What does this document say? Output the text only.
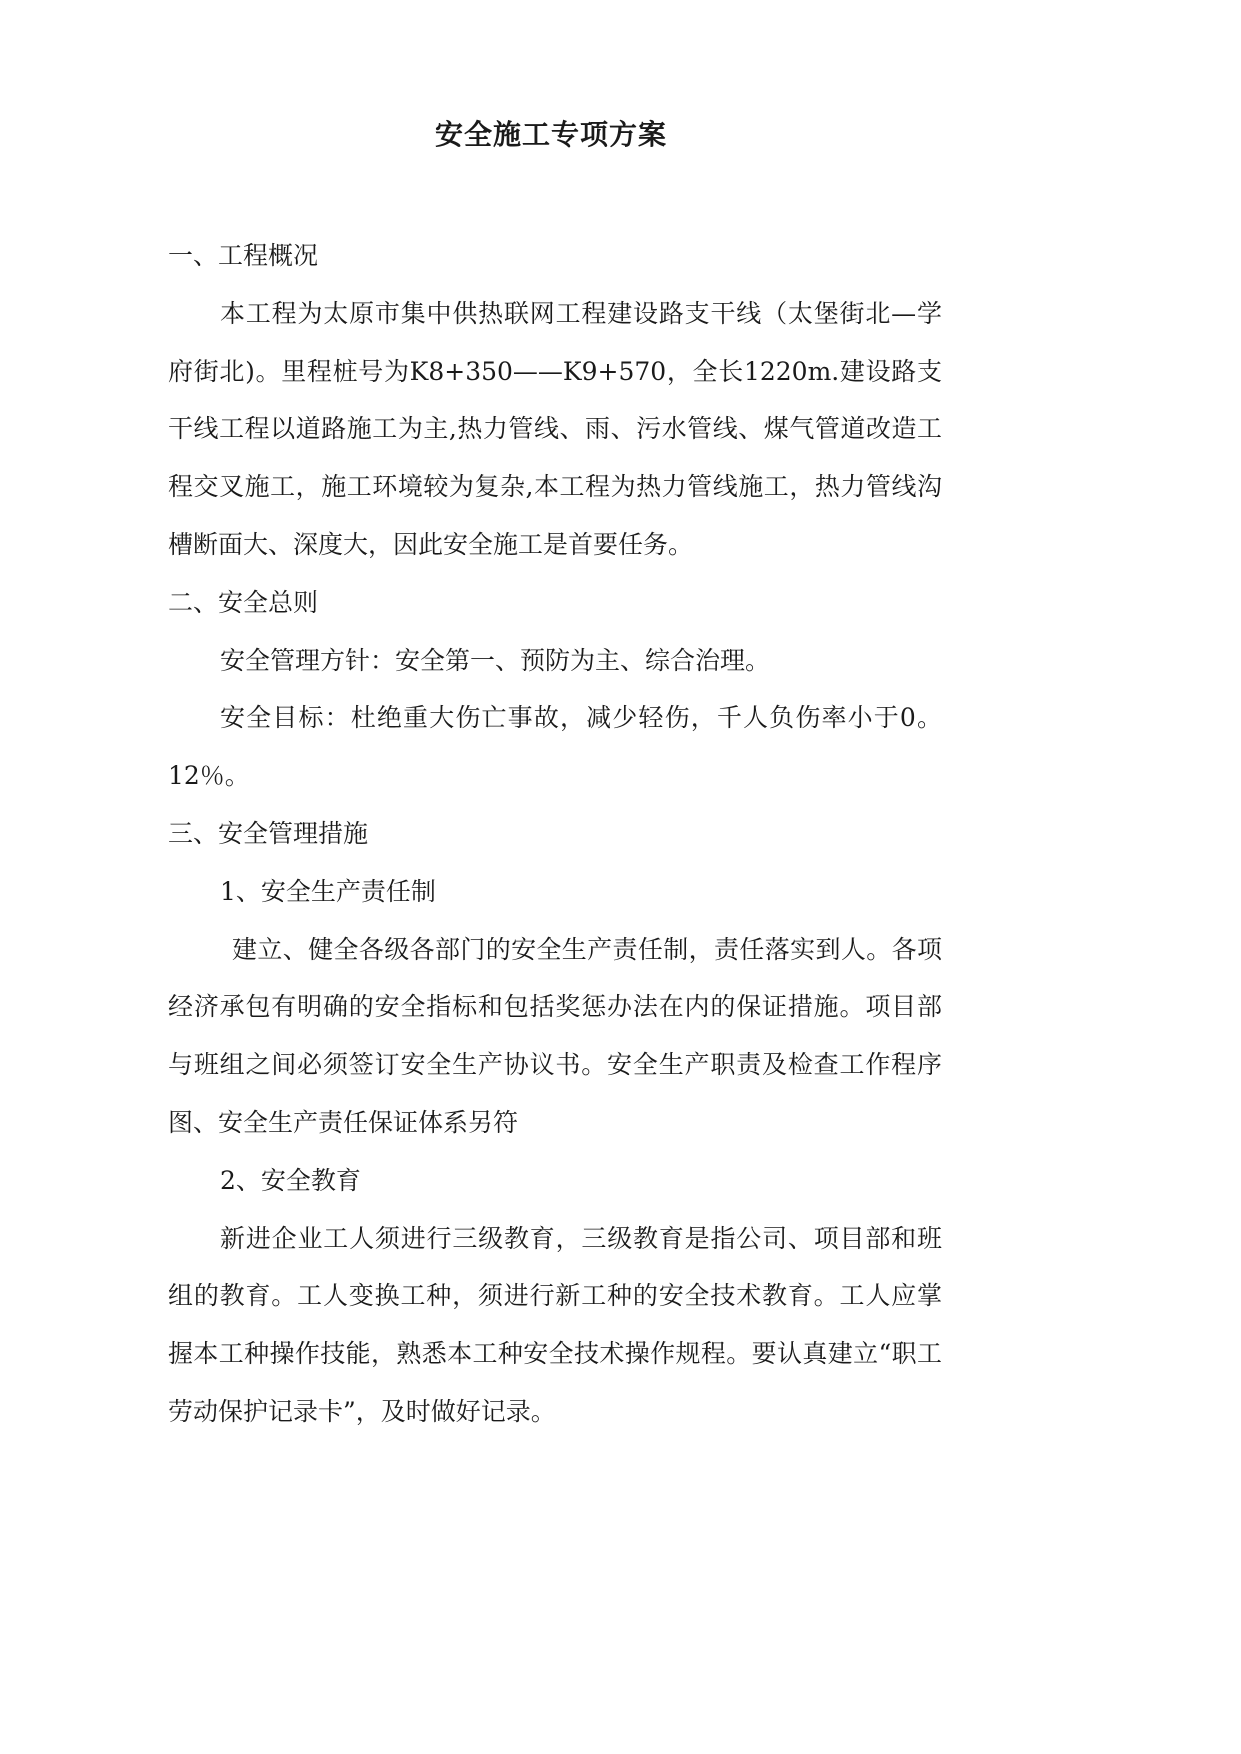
安全施工专项方案

一、工程概况

本工程为太原市集中供热联网工程建设路支干线（太堡街北—学府街北)。里程桩号为K8+350——K9+570，全长1220m.建设路支干线工程以道路施工为主,热力管线、雨、污水管线、煤气管道改造工程交叉施工，施工环境较为复杂,本工程为热力管线施工，热力管线沟槽断面大、深度大，因此安全施工是首要任务。

二、安全总则

安全管理方针：安全第一、预防为主、综合治理。

安全目标：杜绝重大伤亡事故，减少轻伤，千人负伤率小于0。12％。

三、安全管理措施

1、安全生产责任制

建立、健全各级各部门的安全生产责任制，责任落实到人。各项经济承包有明确的安全指标和包括奖惩办法在内的保证措施。项目部与班组之间必须签订安全生产协议书。安全生产职责及检查工作程序图、安全生产责任保证体系另符

2、安全教育

新进企业工人须进行三级教育，三级教育是指公司、项目部和班组的教育。工人变换工种，须进行新工种的安全技术教育。工人应掌握本工种操作技能，熟悉本工种安全技术操作规程。要认真建立“职工劳动保护记录卡”，及时做好记录。
